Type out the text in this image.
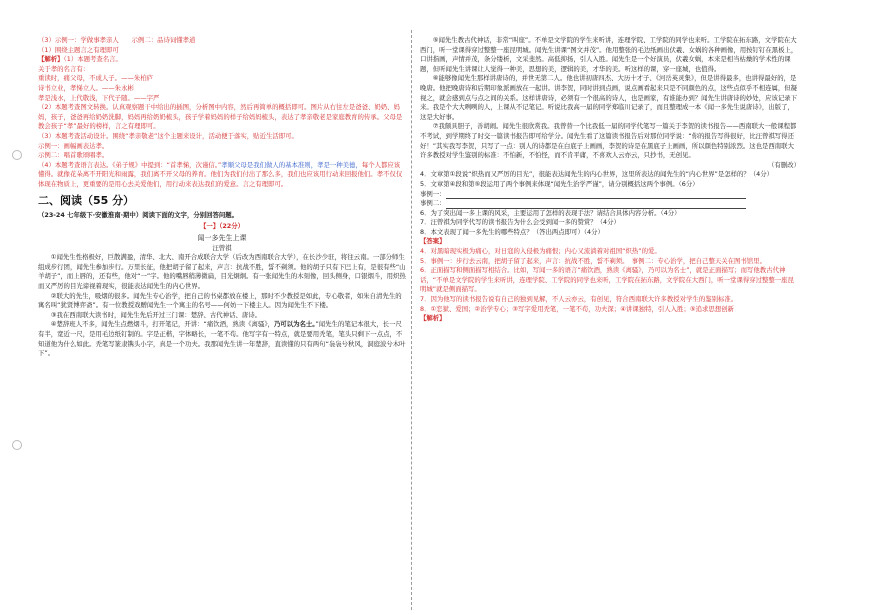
（3）示例一：学做事孝亲人　　示例二：品诗词懂孝道

（1）围绕主题言之有理即可

【解析】（1）本题考查名言。

关于孝的名言有：

重读时，痛父母，不成人子。——朱柏庐

诗书立业，孝悌立人。——朱永彬

孝是浅水，上代敬浅，下代子随。——字严

（2）本题考查图文转换。认真观察题干中给出的插图，分析图中内容，然后再简单的概括即可。图片从右往左是爸爸、奶奶、妈妈，孩子，爸爸再给奶奶洗脚，妈妈再给奶奶梳头，孩子学着妈妈的样子给妈妈梳头，表达了孝亲敬老是家庭教育的传承。父母是教会孩子“孝”最好的榜样，言之有理即可。

（3）本题考查活动设计。围绕“孝亲敬老”这个主题来设计，活动便于落实，贴近生活即可。

示例一：画幅画表达孝。

示例二：唱首歌颂唱孝。

（4）本题考查语言表达。《弟子规》中提到：“首孝悌，次谨信。”孝顺父母是我们做人的基本准则，孝是一种美德，每个人都应该懂得。就像花朵离不开阳光和雨露，我们离不开父母的养育。他们为我们付出了那么多，我们也应该用行动来回报他们。孝不仅仅体现在物质上，更重要的是用心去关爱他们，用行动来表达我们的爱意。言之有理即可。

二、阅读（55 分）

（23-24 七年级下·安徽淮南·期中）阅读下面的文字，分别回答问题。

【一】（22分）

闻一多先生上课

汪曾祺

①闻先生性格极好，巨散满盈，清华、北大、南开合成联合大学（后改为西南联合大学），在长沙少驻，将往云南。一部分师生组成步行团，闻先生参加步行。万里长征，他把胡子留了起来，声言：抗战不胜，誓不剃须。他的胡子只有下巴上有，是很有些“山羊胡子”，而上唇的，还有些，他对“一”字。他的嘴唇稍薄微扁，目光炯炯。有一张闻先生的木刻像，回头侧身，口银烟斗，用炽热而又严厉的目光谛视着现实，很能表达闻先生的内心世界。

②联大的先生，吸烟的很多。闻先生专心治学，把自己的书桌都放在楼上，那时不少教授是如此，专心敬者，如朱自清先生的寓名叫“犹贤博弈斋”。有一位教授戏赠闻先生一个寓主的名号——何妨一下楼主人。因为闻先生不下楼。

③我在西南联大读书时，闻先生先后开过三门课：楚辞、古代神话、唐诗。

④楚辞班人不多，闻先生点燃烟斗，打开笔记，开讲：“痛饮酒，熟读《离骚》，乃可以为名士。”闻先生的笔记本很大，长一尺有半，宽近一尺，是用毛边纸钉制的。字是正楷，字体略长，一笔不苟。他写字有一特点，就是要用秃笔，笔头只剩下一点点，不知道他为什么如此。秃笔写篆隶镌头小字，真是一个功夫。我那闻先生讲一年楚辞，直读懂的只有两句“袅袅兮秋风，洞庭波兮木叶下”。

⑤闻先生教古代神话，非常“叫座”。不单是文学院的学生来听讲，连理学院、工学院的同学也来听。工学院在拓东路，文学院在大西门，听一堂课得穿过整整一座昆明城。闻先生讲课“图文并茂”。他用整张的毛边纸画出伏羲、女娲的各种画像，用按钉钉在黑板上，口讲指画，声情并茂，条分缕析，文采斐然。高低抑扬，引人入胜。闻先生是一个好演员，伏羲女娲，本来是相当枯燥的学术性的课题，但听闻先生讲课让人觉得一种美，思想的美，逻辑的美，才华的美。听这样的课，穿一座城，也值得。

⑥能够像闻先生那样讲唐诗的，并世无第二人。他也讲初唐四杰、大历十才子、《河岳英灵集》，但是讲得最多，也讲得最好的，是晚唐。他把晚唐诗和后期印象派画放在一起讲。讲李贺，同时讲到点画，说点画看起来只是不同颜色的点，这些点似乎不相连属，但凝视之，就会感到点与点之间的关系。这样讲唐诗，必须有一个很高的诗人，也是画家，有谁能办到？闻先生讲唐诗的妙处，应该记录下来。我是个大大咧咧的人，上课从不记笔记。听说比我高一届的同学郑临川记录了，而且整理成一本《闻一多先生说唐诗》，出版了，这是大好事。

⑦我颇具胆子，善胡闹。闻先生很欣赏我。我曾替一个比我低一届的同学代笔写一篇关于李贺的读书报告——西南联大一般课程都不考试，到学期终了时交一篇读书报告即可给学分。闻先生看了这篇读书报告后对那位同学说：“你的报告写得很好，比汪曾祺写得还好！”其实我写李贺，只写了一点：别人的诗都是在白底子上画画，李贺的诗是在黑底子上画画，所以颜色特别浓烈。这也是西南联大许多教授对学生鉴别的标准：不怕新，不怕怪，而不肯平庸，不喜欢人云亦云，只抄书，无创见。

（有删改）

4．文章第①段说“炽热而又严厉的目光”，很能表达闻先生的内心世界，这里所表达的闻先生的“内心世界”是怎样的？（4分）

5．文章第④段和第⑤段运用了两个事例来体现“闻先生治学严谨”，请分别概括这两个事例。（6分）

事例一：

事例二：

6．为了突出闻一多上课的风采，主要运用了怎样的表现手法？请结合具体内容分析。（4分）

7．汪曾祺为同学代写的读书报告为什么会受到闻一多的赞赏？（4分）

8．本文表现了闻一多先生的哪些特点？（答出两点即可）（4分）

【答案】

4．对黑暗现实极为痛心，对日寇的入侵极为痛恨；内心又流淌着对祖国“炽热”的爱。

5．事例一：步行去云南，把胡子留了起来，声言：抗战不胜，誓不剃须。　 事例二：专心治学，把自己整天关在图书馆里。

6．正面描写和侧面描写相结合。比如，写闻一多的语言“痛饮酒，熟读《离骚》，乃可以为名士”，就是正面描写；而写他教古代神话，“不单是文学院的学生来听讲，连理学院、工学院的同学也来听，工学院在拓东路，文学院在大西门，听一堂课得穿过整整一座昆明城”就是侧面描写。

7．因为他写的读书报告说有自己的独到见解，不人云亦云，有创见，符合西南联大许多教授对学生的鉴别标准。

8．①恋狱、爱国；②治学专心；③写字爱用秃笔，一笔不苟，功夫深；④讲课独特，引人入胜；⑤追求思想创新

【解析】
